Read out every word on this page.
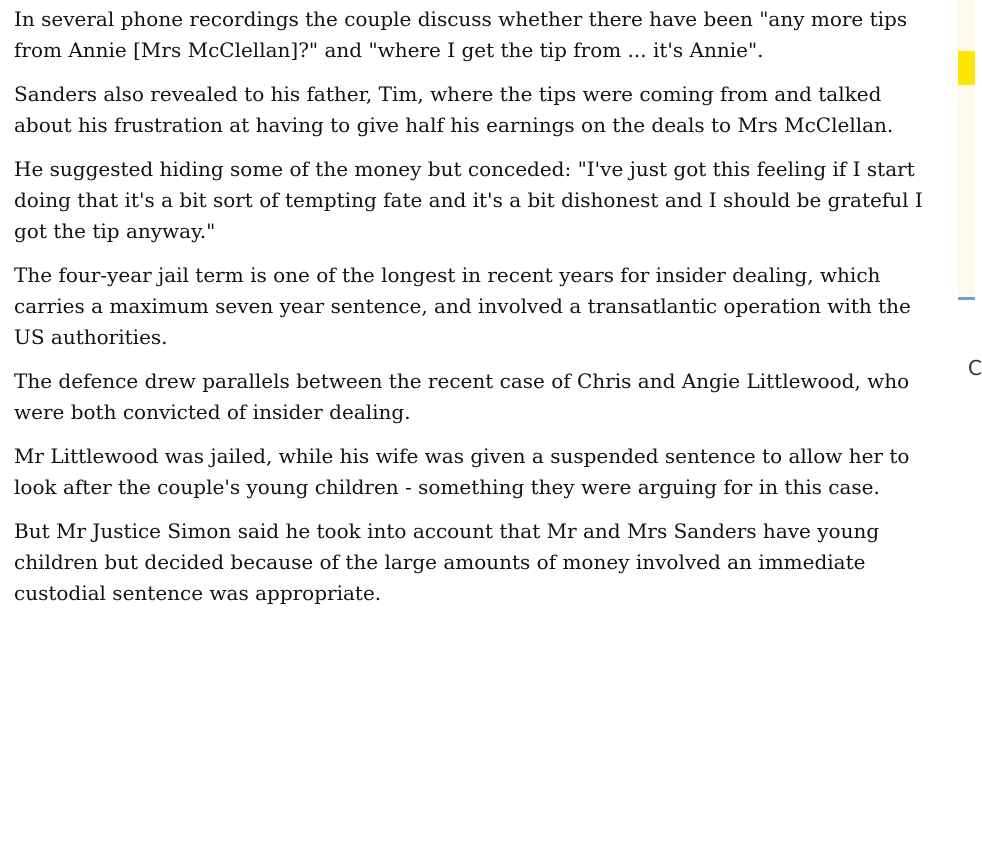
In several phone recordings the couple discuss whether there have been "any more tips from Annie [Mrs McClellan]?" and "where I get the tip from ... it's Annie".

Sanders also revealed to his father, Tim, where the tips were coming from and talked about his frustration at having to give half his earnings on the deals to Mrs McClellan.

He suggested hiding some of the money but conceded: "I've just got this feeling if I start doing that it's a bit sort of tempting fate and it's a bit dishonest and I should be grateful I got the tip anyway."

The four-year jail term is one of the longest in recent years for insider dealing, which carries a maximum seven year sentence, and involved a transatlantic operation with the US authorities.

The defence drew parallels between the recent case of Chris and Angie Littlewood, who were both convicted of insider dealing.

Mr Littlewood was jailed, while his wife was given a suspended sentence to allow her to look after the couple's young children - something they were arguing for in this case.

But Mr Justice Simon said he took into account that Mr and Mrs Sanders have young children but decided because of the large amounts of money involved an immediate custodial sentence was appropriate.

C
